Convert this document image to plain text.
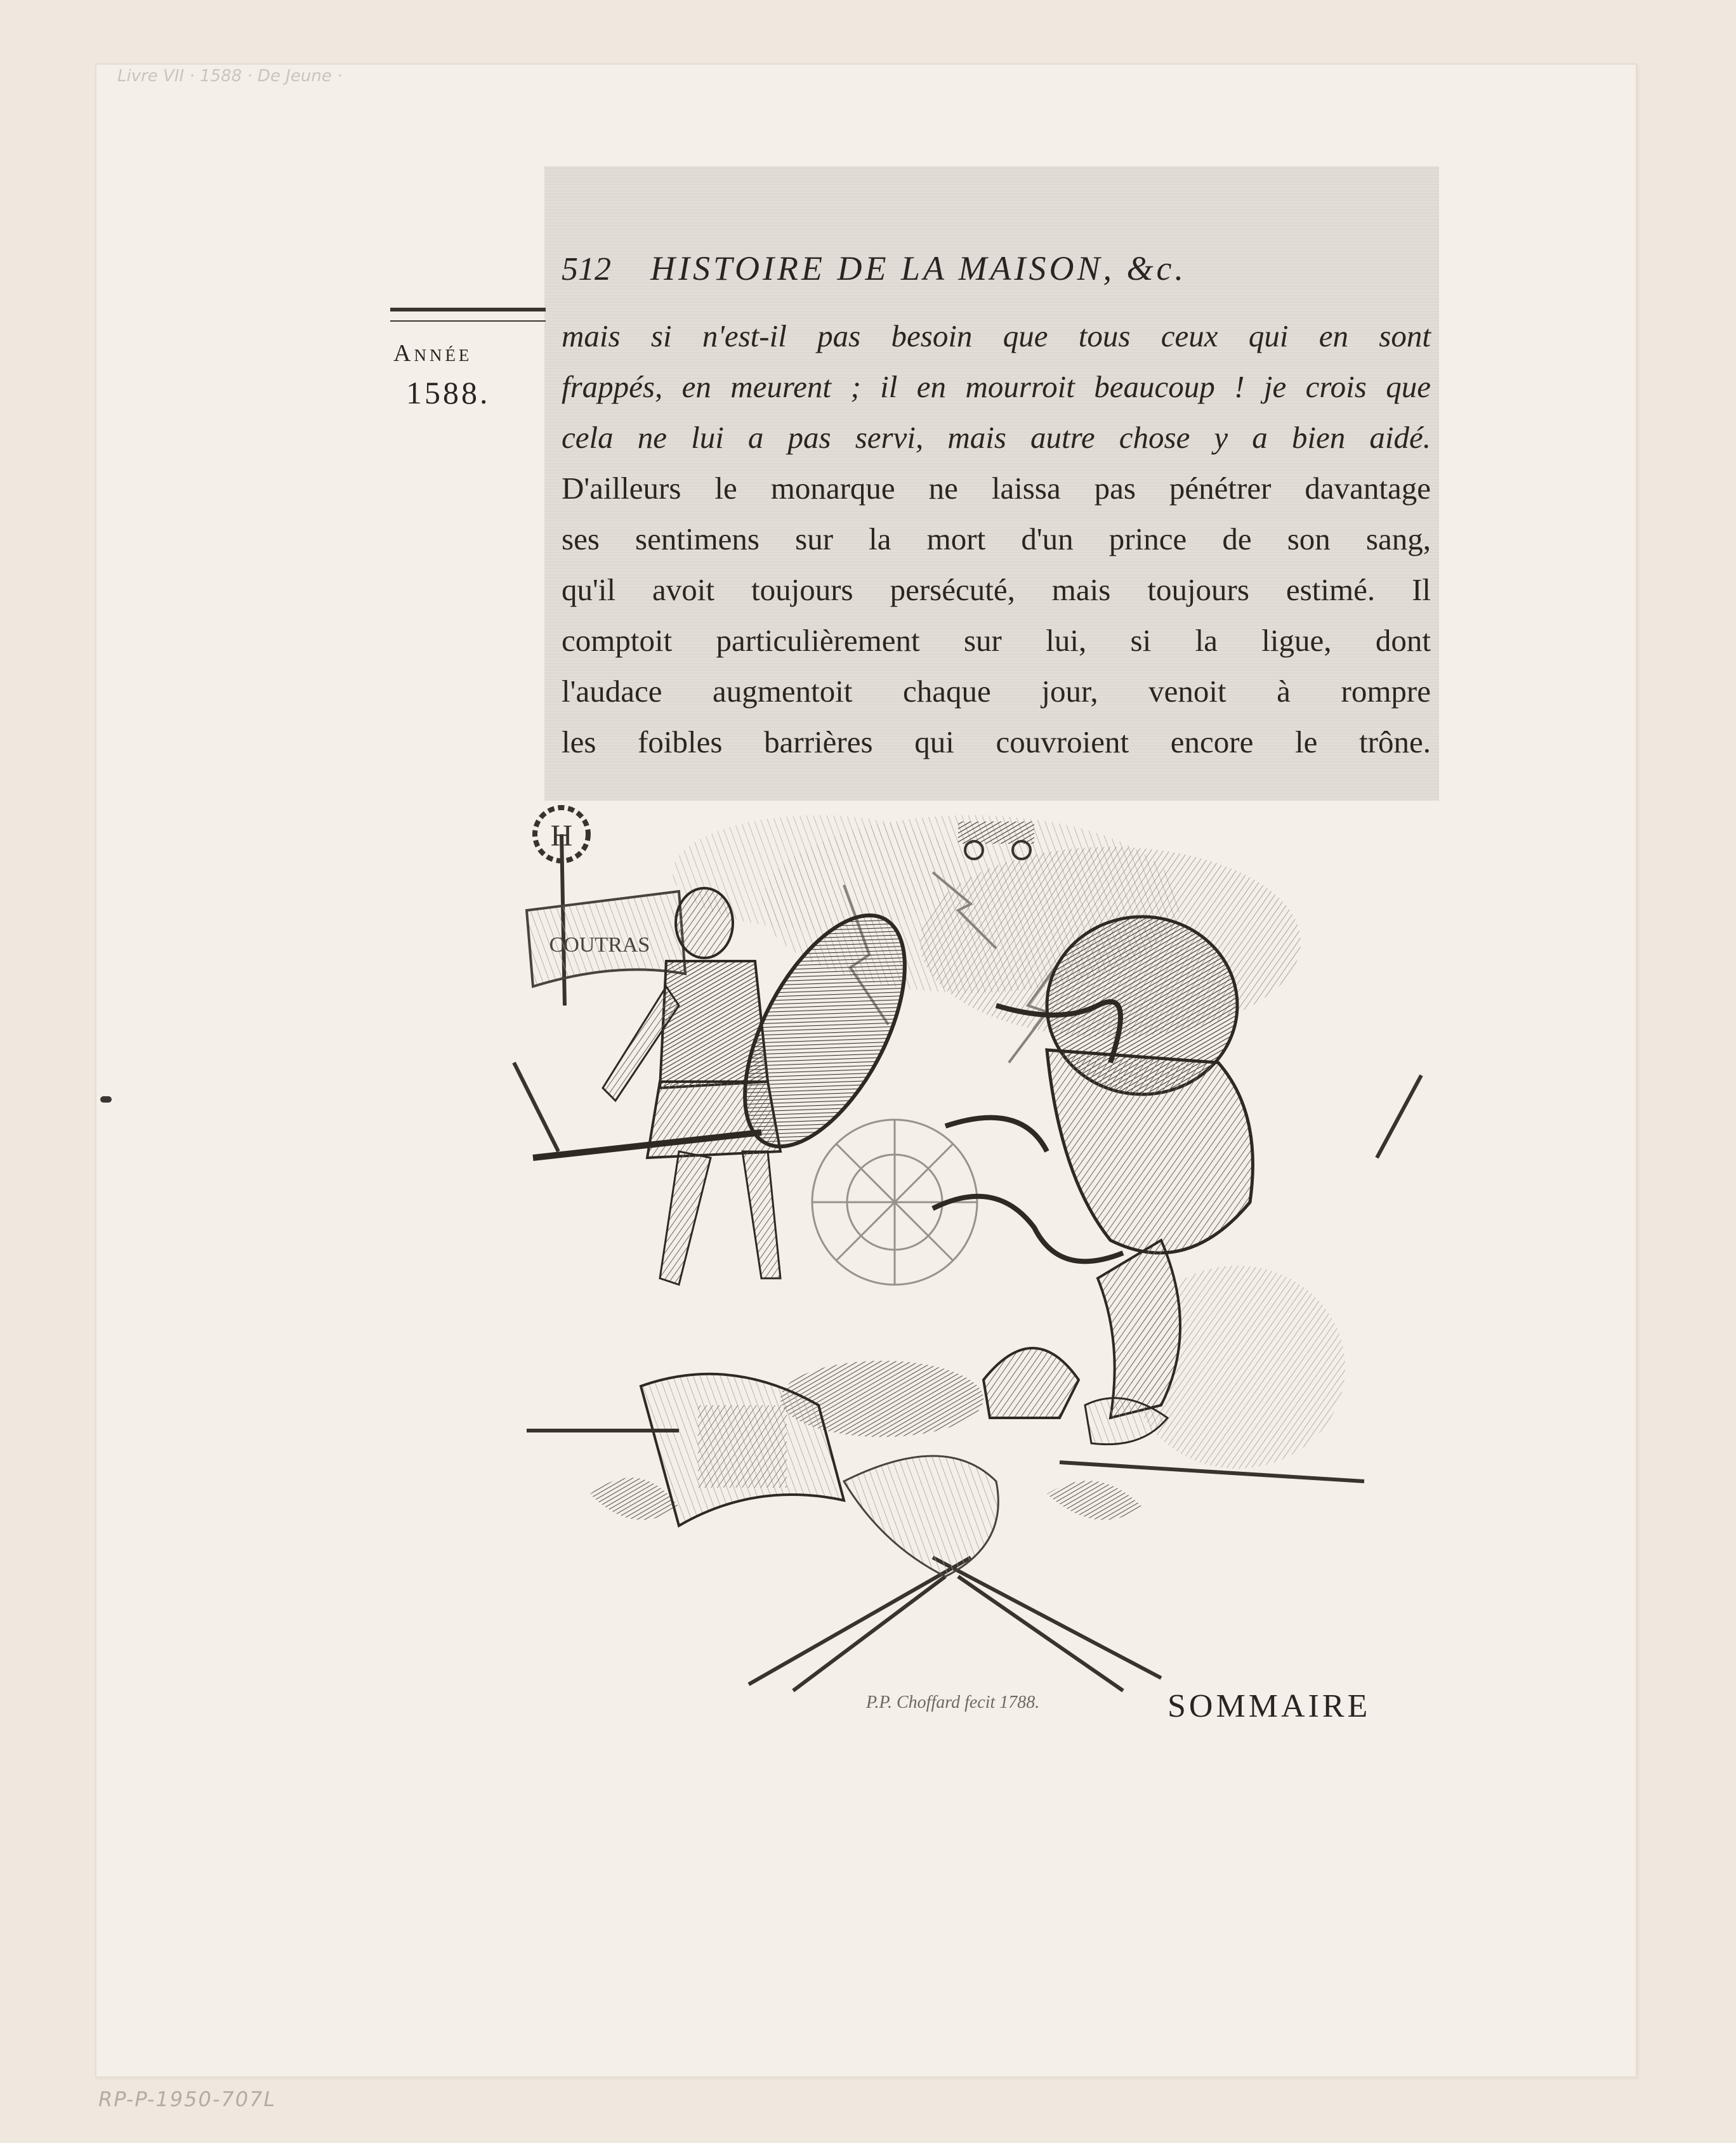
Livre VII · 1588 · De Jeune ·
512 HISTOIRE DE LA MAISON, &c.
Année
1588.
mais si n'est-il pas besoin que tous ceux qui en sont
frappés, en meurent ; il en mourroit beaucoup ! je crois que
cela ne lui a pas servi, mais autre chose y a bien aidé.
D'ailleurs le monarque ne laissa pas pénétrer davantage
ses sentimens sur la mort d'un prince de son sang,
qu'il avoit toujours persécuté, mais toujours estimé. Il
comptoit particulièrement sur lui, si la ligue, dont
l'audace augmentoit chaque jour, venoit à rompre
les foibles barrières qui couvroient encore le trône.
H
COUTRAS
P.P. Choffard fecit 1788.	SOMMAIRE
RP-P-1950-707L
